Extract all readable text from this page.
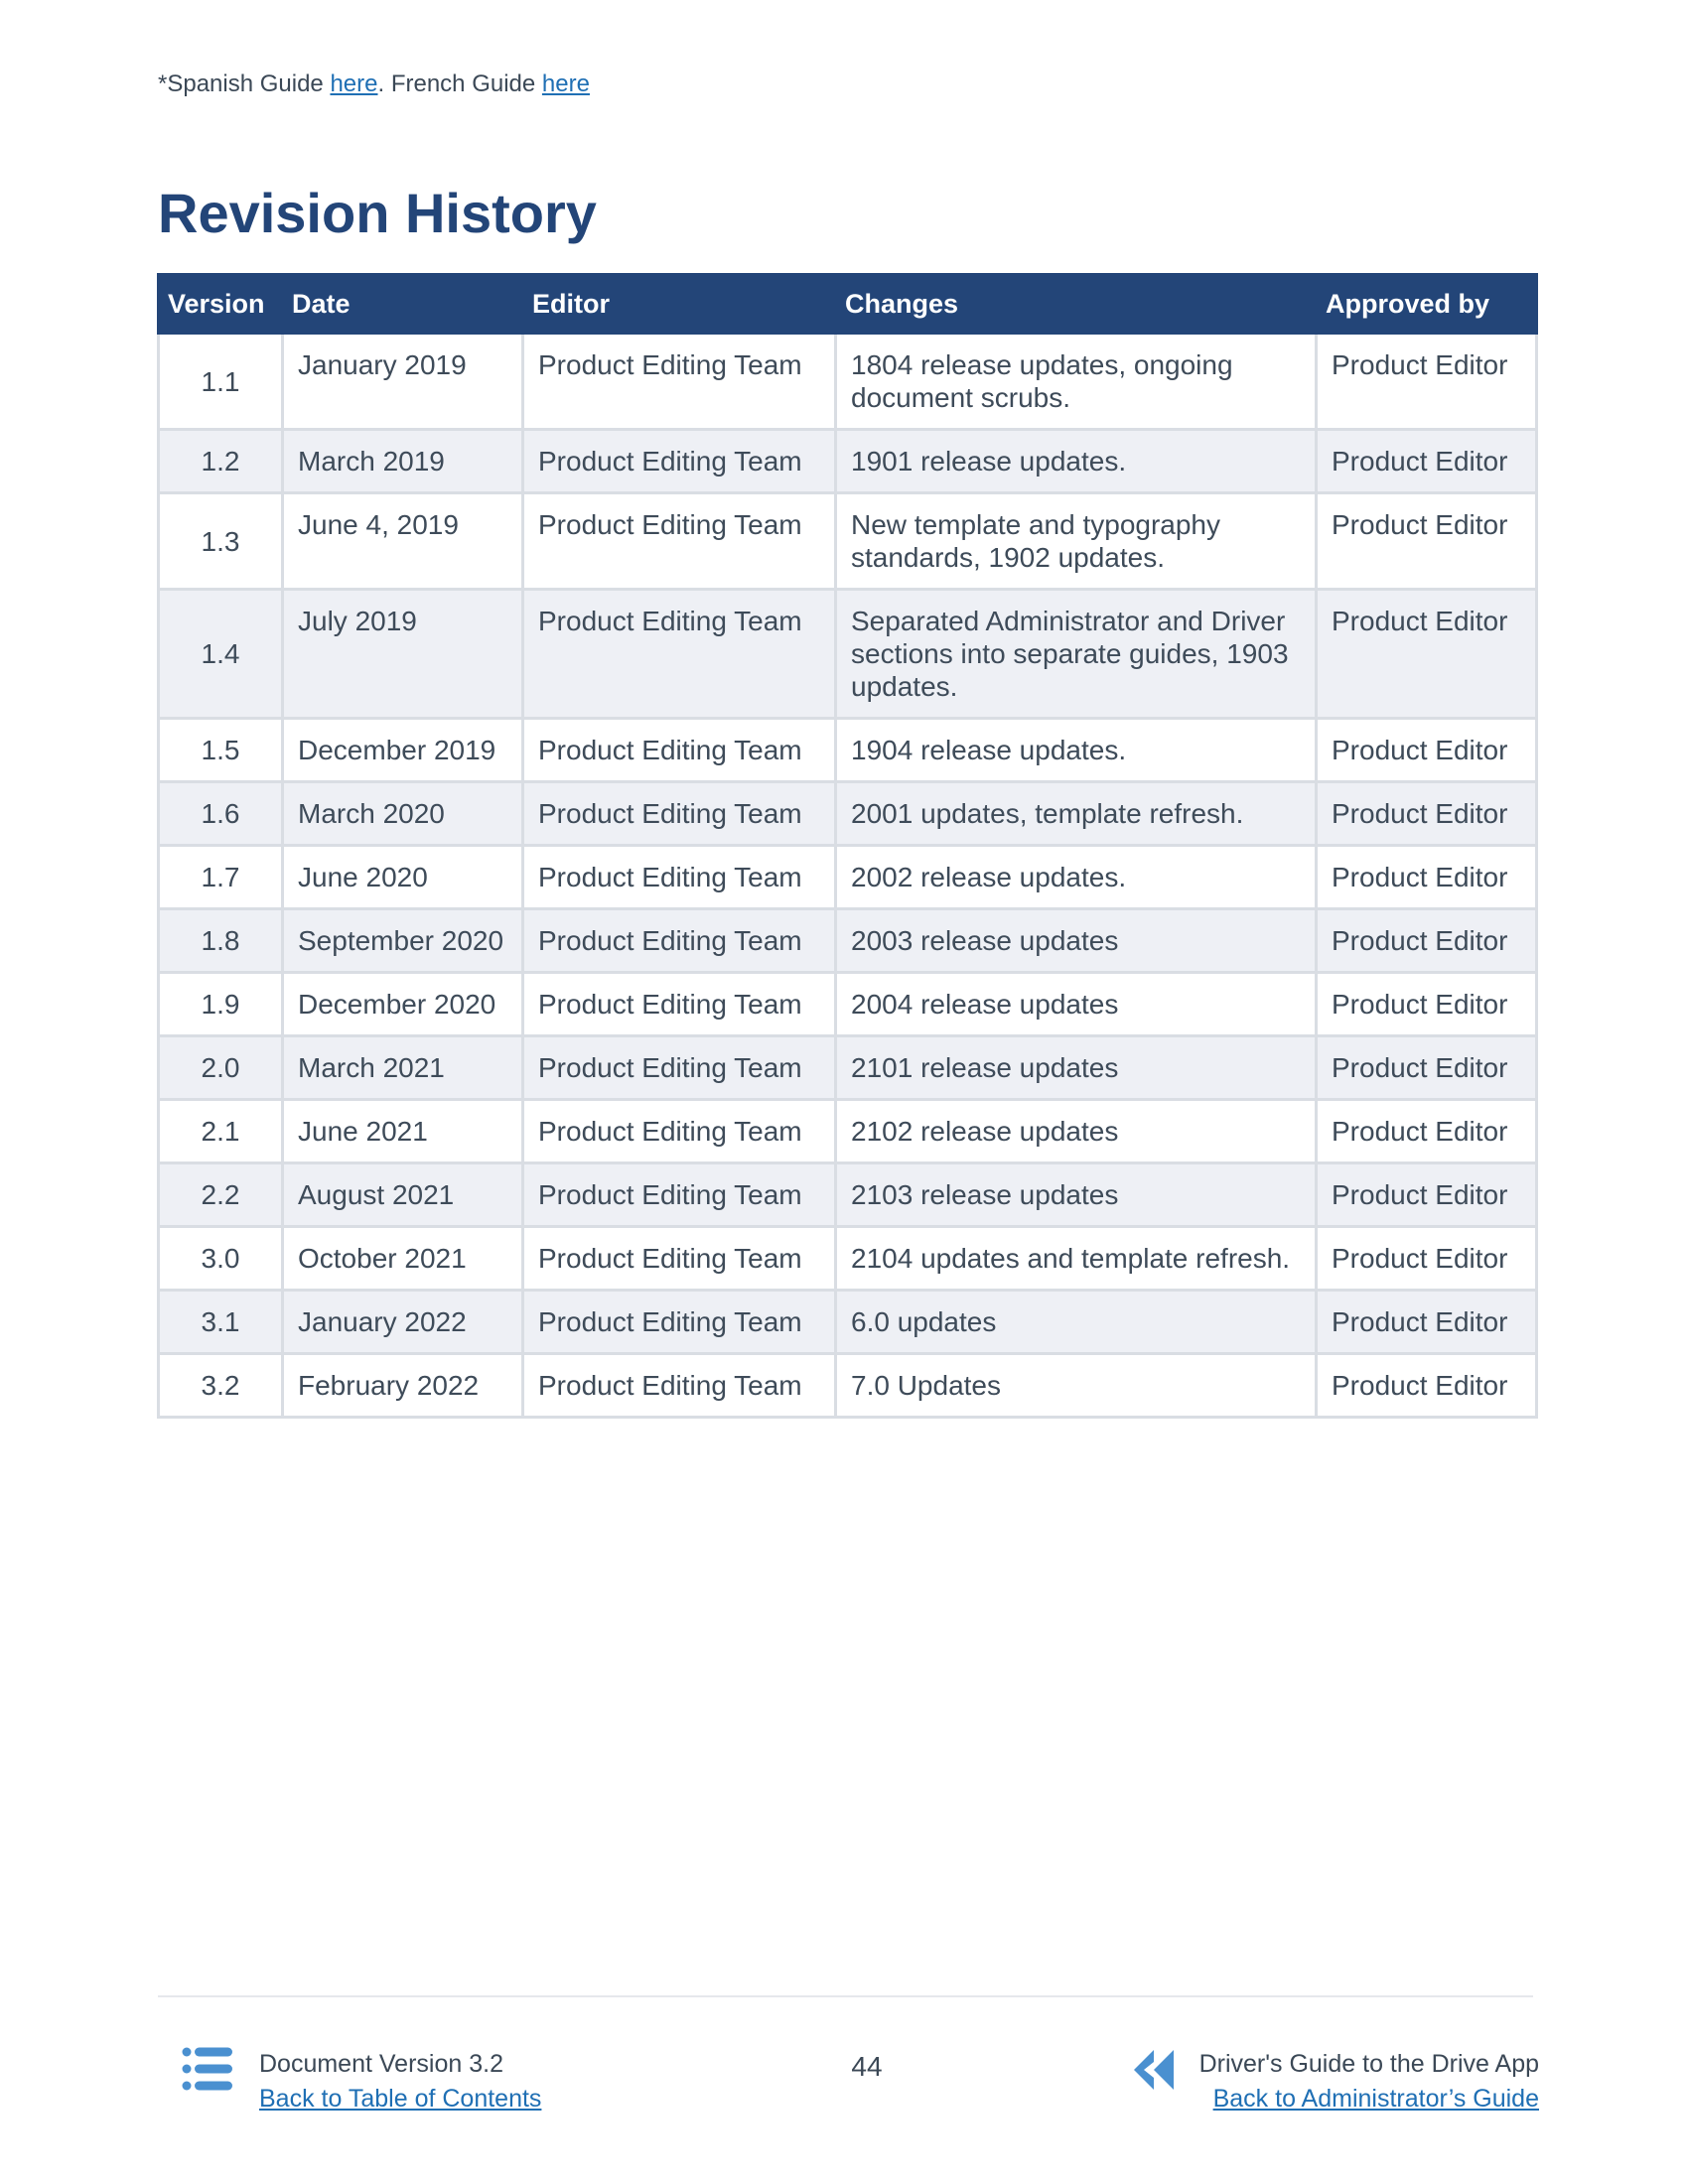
*Spanish Guide here. French Guide here
Revision History
Version	Date	Editor	Changes	Approved by
1.1	January 2019	Product Editing Team	1804 release updates, ongoing document scrubs.	Product Editor
1.2	March 2019	Product Editing Team	1901 release updates.	Product Editor
1.3	June 4, 2019	Product Editing Team	New template and typography standards, 1902 updates.	Product Editor
1.4	July 2019	Product Editing Team	Separated Administrator and Driver sections into separate guides, 1903 updates.	Product Editor
1.5	December 2019	Product Editing Team	1904 release updates.	Product Editor
1.6	March 2020	Product Editing Team	2001 updates, template refresh.	Product Editor
1.7	June 2020	Product Editing Team	2002 release updates.	Product Editor
1.8	September 2020	Product Editing Team	2003 release updates	Product Editor
1.9	December 2020	Product Editing Team	2004 release updates	Product Editor
2.0	March 2021	Product Editing Team	2101 release updates	Product Editor
2.1	June 2021	Product Editing Team	2102 release updates	Product Editor
2.2	August 2021	Product Editing Team	2103 release updates	Product Editor
3.0	October 2021	Product Editing Team	2104 updates and template refresh.	Product Editor
3.1	January 2022	Product Editing Team	6.0 updates	Product Editor
3.2	February 2022	Product Editing Team	7.0 Updates	Product Editor
Document Version 3.2
Back to Table of Contents
44	Driver's Guide to the Drive App
Back to Administrator’s Guide
